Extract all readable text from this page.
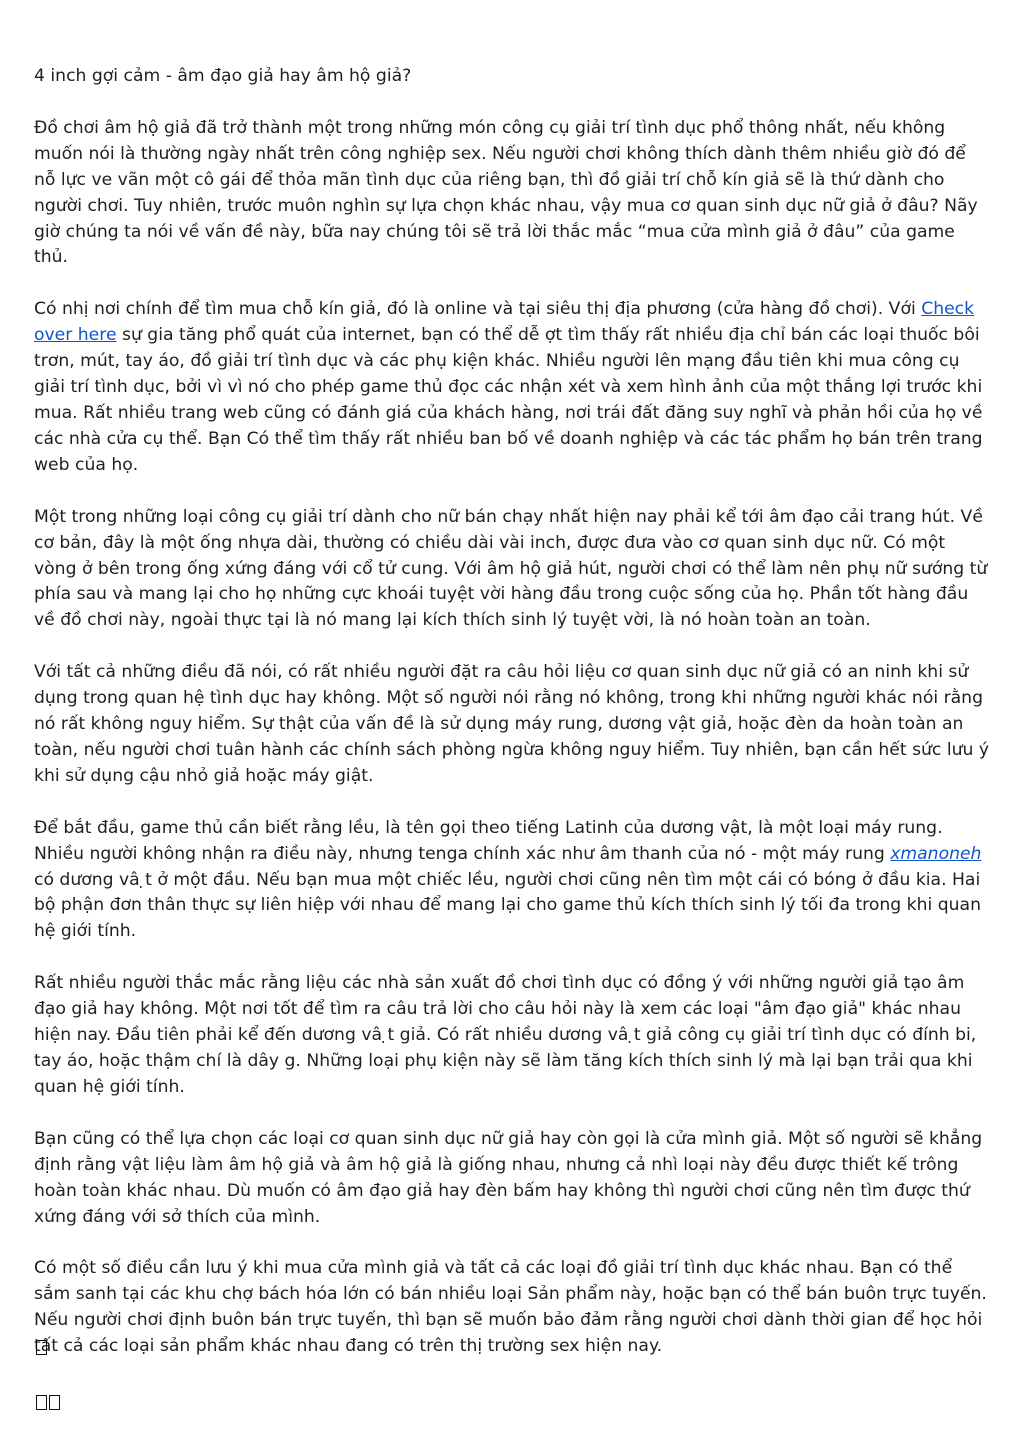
4 inch gợi cảm - âm đạo giả hay âm hộ giả?

Đồ chơi âm hộ giả đã trở thành một trong những món công cụ giải trí tình dục phổ thông nhất, nếu không muốn nói là thường ngày nhất trên công nghiệp sex. Nếu người chơi không thích dành thêm nhiều giờ đó để nỗ lực ve vãn một cô gái để thỏa mãn tình dục của riêng bạn, thì đồ giải trí chỗ kín giả sẽ là thứ dành cho người chơi. Tuy nhiên, trước muôn nghìn sự lựa chọn khác nhau, vậy mua cơ quan sinh dục nữ giả ở đâu? Nãy giờ chúng ta nói về vấn đề này, bữa nay chúng tôi sẽ trả lời thắc mắc “mua cửa mình giả ở đâu” của game thủ.

Có nhị nơi chính để tìm mua chỗ kín giả, đó là online và tại siêu thị địa phương (cửa hàng đồ chơi). Với Check over here sự gia tăng phổ quát của internet, bạn có thể dễ ợt tìm thấy rất nhiều địa chỉ bán các loại thuốc bôi trơn, mút, tay áo, đồ giải trí tình dục và các phụ kiện khác. Nhiều người lên mạng đầu tiên khi mua công cụ giải trí tình dục, bởi vì vì nó cho phép game thủ đọc các nhận xét và xem hình ảnh của một thắng lợi trước khi mua. Rất nhiều trang web cũng có đánh giá của khách hàng, nơi trái đất đăng suy nghĩ và phản hồi của họ về các nhà cửa cụ thể. Bạn Có thể tìm thấy rất nhiều ban bố về doanh nghiệp và các tác phẩm họ bán trên trang web của họ.

Một trong những loại công cụ giải trí dành cho nữ bán chạy nhất hiện nay phải kể tới âm đạo cải trang hút. Về cơ bản, đây là một ống nhựa dài, thường có chiều dài vài inch, được đưa vào cơ quan sinh dục nữ. Có một vòng ở bên trong ống xứng đáng với cổ tử cung. Với âm hộ giả hút, người chơi có thể làm nên phụ nữ sướng từ phía sau và mang lại cho họ những cực khoái tuyệt vời hàng đầu trong cuộc sống của họ. Phần tốt hàng đầu về đồ chơi này, ngoài thực tại là nó mang lại kích thích sinh lý tuyệt vời, là nó hoàn toàn an toàn.

Với tất cả những điều đã nói, có rất nhiều người đặt ra câu hỏi liệu cơ quan sinh dục nữ giả có an ninh khi sử dụng trong quan hệ tình dục hay không. Một số người nói rằng nó không, trong khi những người khác nói rằng nó rất không nguy hiểm. Sự thật của vấn đề là sử dụng máy rung, dương vật giả, hoặc đèn da hoàn toàn an toàn, nếu người chơi tuân hành các chính sách phòng ngừa không nguy hiểm. Tuy nhiên, bạn cần hết sức lưu ý khi sử dụng cậu nhỏ giả hoặc máy giật.

Để bắt đầu, game thủ cần biết rằng lều, là tên gọi theo tiếng Latinh của dương vật, là một loại máy rung. Nhiều người không nhận ra điều này, nhưng tenga chính xác như âm thanh của nó - một máy rung xmanoneh có dương vâ ̣t ở một đầu. Nếu bạn mua một chiếc lều, người chơi cũng nên tìm một cái có bóng ở đầu kia. Hai bộ phận đơn thân thực sự liên hiệp với nhau để mang lại cho game thủ kích thích sinh lý tối đa trong khi quan hệ giới tính.

Rất nhiều người thắc mắc rằng liệu các nhà sản xuất đồ chơi tình dục có đồng ý với những người giả tạo âm đạo giả hay không. Một nơi tốt để tìm ra câu trả lời cho câu hỏi này là xem các loại "âm đạo giả" khác nhau hiện nay. Đầu tiên phải kể đến dương vâ ̣t giả. Có rất nhiều dương vâ ̣t giả công cụ giải trí tình dục có đính bi, tay áo, hoặc thậm chí là dây g. Những loại phụ kiện này sẽ làm tăng kích thích sinh lý mà lại bạn trải qua khi quan hệ giới tính.

Bạn cũng có thể lựa chọn các loại cơ quan sinh dục nữ giả hay còn gọi là cửa mình giả. Một số người sẽ khẳng định rằng vật liệu làm âm hộ giả và âm hộ giả là giống nhau, nhưng cả nhì loại này đều được thiết kế trông hoàn toàn khác nhau. Dù muốn có âm đạo giả hay đèn bấm hay không thì người chơi cũng nên tìm được thứ xứng đáng với sở thích của mình.

Có một số điều cần lưu ý khi mua cửa mình giả và tất cả các loại đồ giải trí tình dục khác nhau. Bạn có thể sắm sanh tại các khu chợ bách hóa lớn có bán nhiều loại Sản phẩm này, hoặc bạn có thể bán buôn trực tuyến. Nếu người chơi định buôn bán trực tuyến, thì bạn sẽ muốn bảo đảm rằng người chơi dành thời gian để học hỏi tất cả các loại sản phẩm khác nhau đang có trên thị trường sex hiện nay.
